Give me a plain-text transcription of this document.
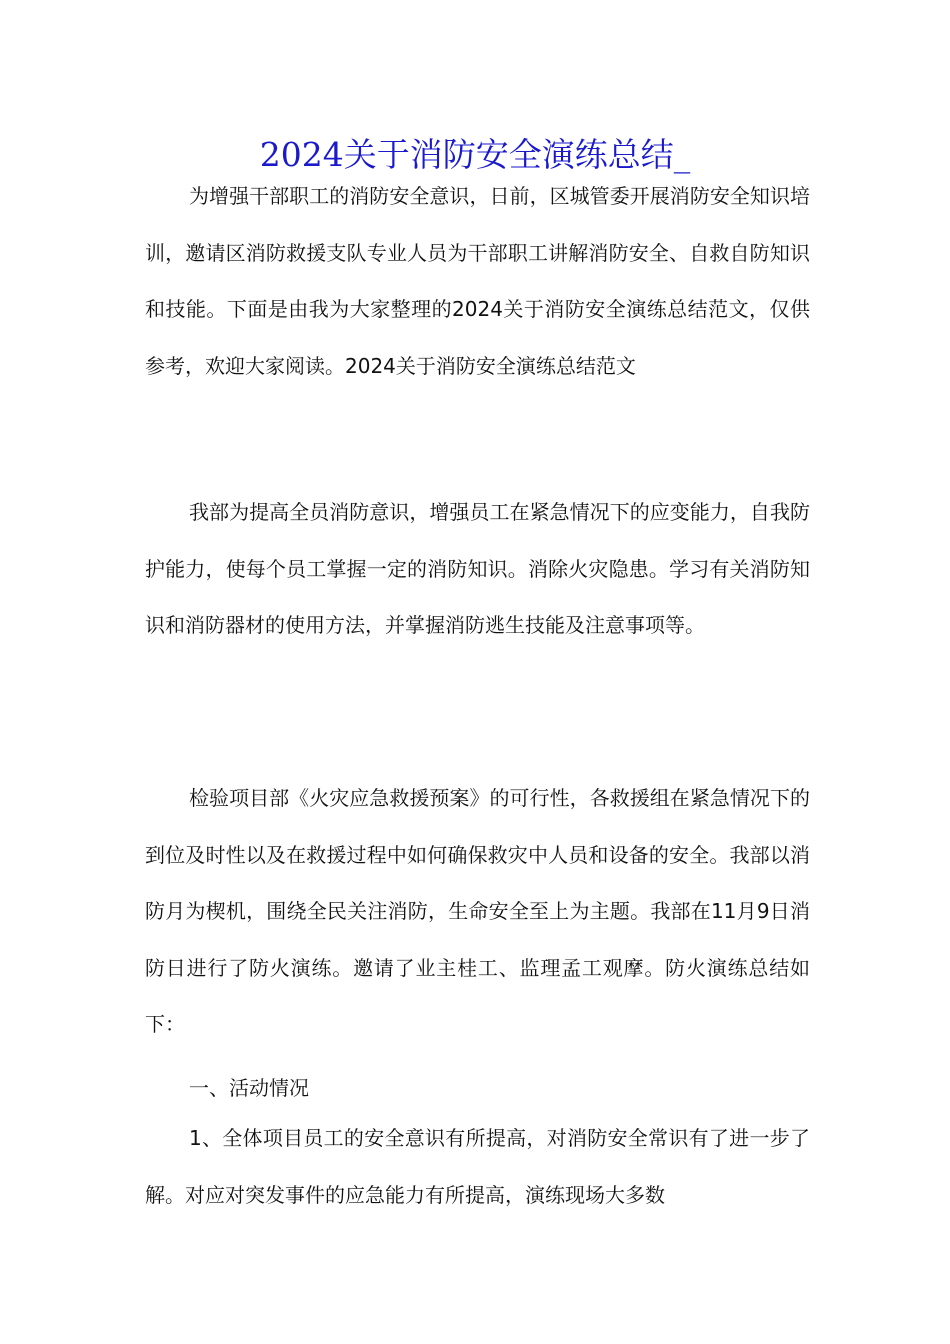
2024关于消防安全演练总结_

为增强干部职工的消防安全意识，日前，区城管委开展消防安全知识培训，邀请区消防救援支队专业人员为干部职工讲解消防安全、自救自防知识和技能。下面是由我为大家整理的2024关于消防安全演练总结范文，仅供参考，欢迎大家阅读。2024关于消防安全演练总结范文

我部为提高全员消防意识，增强员工在紧急情况下的应变能力，自我防护能力，使每个员工掌握一定的消防知识。消除火灾隐患。学习有关消防知识和消防器材的使用方法，并掌握消防逃生技能及注意事项等。

检验项目部《火灾应急救援预案》的可行性，各救援组在紧急情况下的到位及时性以及在救援过程中如何确保救灾中人员和设备的安全。我部以消防月为楔机，围绕全民关注消防，生命安全至上为主题。我部在11月9日消防日进行了防火演练。邀请了业主桂工、监理孟工观摩。防火演练总结如下：

一、活动情况

1、全体项目员工的安全意识有所提高，对消防安全常识有了进一步了解。对应对突发事件的应急能力有所提高，演练现场大多数
